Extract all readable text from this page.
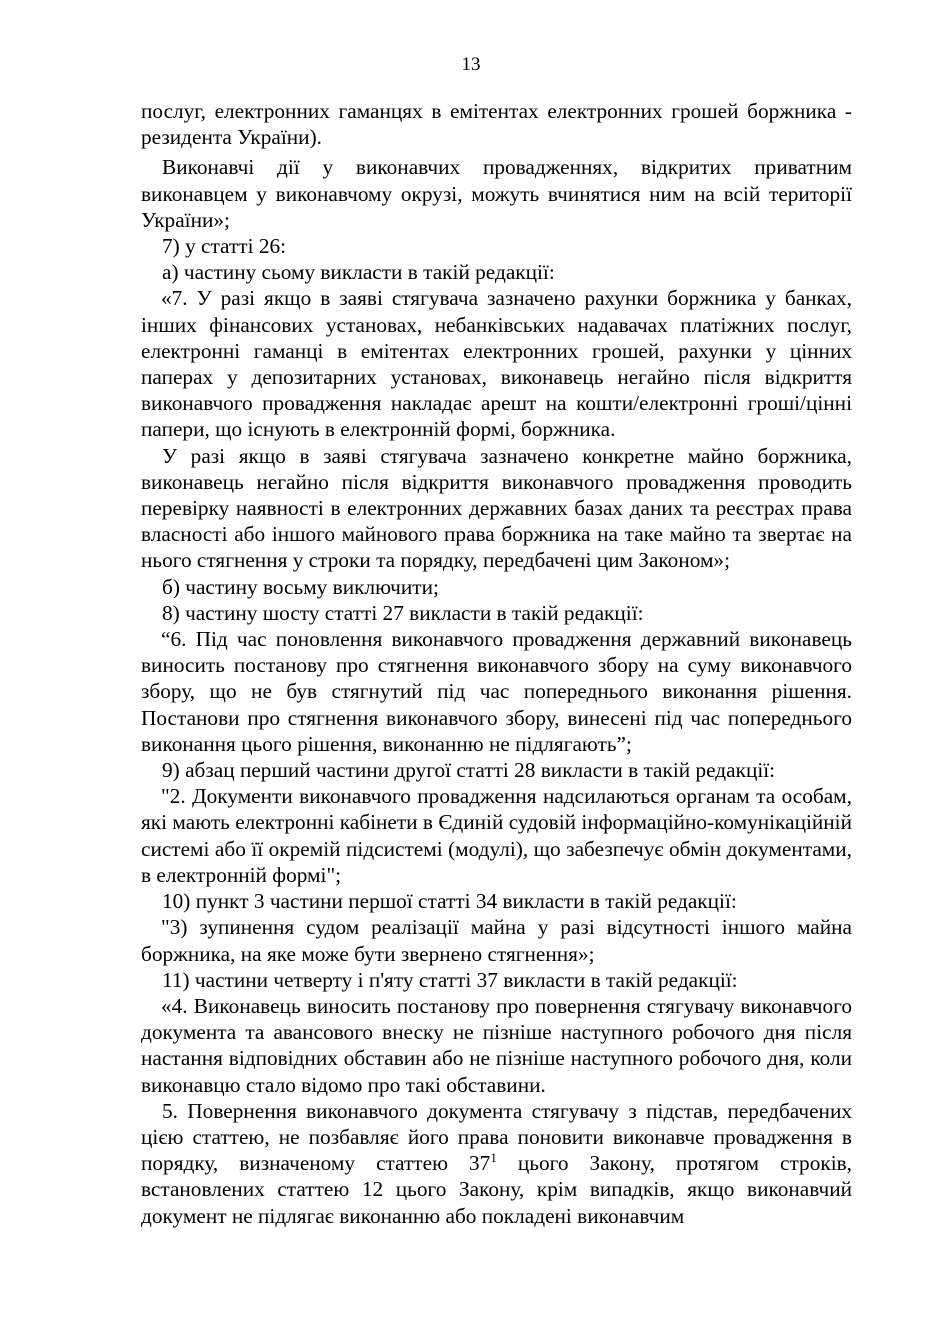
13

послуг, електронних гаманцях в емітентах електронних грошей боржника - резидента України).

Виконавчі дії у виконавчих провадженнях, відкритих приватним виконавцем у виконавчому окрузі, можуть вчинятися ним на всій території України»;

7) у статті 26:

а) частину сьому викласти в такій редакції:

«7. У разі якщо в заяві стягувача зазначено рахунки боржника у банках, інших фінансових установах, небанківських надавачах платіжних послуг, електронні гаманці в емітентах електронних грошей, рахунки у цінних паперах у депозитарних установах, виконавець негайно після відкриття виконавчого провадження накладає арешт на кошти/електронні гроші/цінні папери, що існують в електронній формі, боржника.

У разі якщо в заяві стягувача зазначено конкретне майно боржника, виконавець негайно після відкриття виконавчого провадження проводить перевірку наявності в електронних державних базах даних та реєстрах права власності або іншого майнового права боржника на таке майно та звертає на нього стягнення у строки та порядку, передбачені цим Законом»;

б) частину восьму виключити;

8) частину шосту статті 27 викласти в такій редакції:

“6. Під час поновлення виконавчого провадження державний виконавець виносить постанову про стягнення виконавчого збору на суму виконавчого збору, що не був стягнутий під час попереднього виконання рішення. Постанови про стягнення виконавчого збору, винесені під час попереднього виконання цього рішення, виконанню не підлягають”;

9) абзац перший частини другої статті 28 викласти в такій редакції:

"2. Документи виконавчого провадження надсилаються органам та особам, які мають електронні кабінети в Єдиній судовій інформаційно-комунікаційній системі або її окремій підсистемі (модулі), що забезпечує обмін документами, в електронній формі";

10) пункт 3 частини першої статті 34 викласти в такій редакції:

"3) зупинення судом реалізації майна у разі відсутності іншого майна боржника, на яке може бути звернено стягнення»;

11) частини четверту і п'яту статті 37 викласти в такій редакції:

«4. Виконавець виносить постанову про повернення стягувачу виконавчого документа та авансового внеску не пізніше наступного робочого дня після настання відповідних обставин або не пізніше наступного робочого дня, коли виконавцю стало відомо про такі обставини.

5. Повернення виконавчого документа стягувачу з підстав, передбачених цією статтею, не позбавляє його права поновити виконавче провадження в порядку, визначеному статтею $37^1$ цього Закону, протягом строків, встановлених статтею 12 цього Закону, крім випадків, якщо виконавчий документ не підлягає виконанню або покладені виконавчим
